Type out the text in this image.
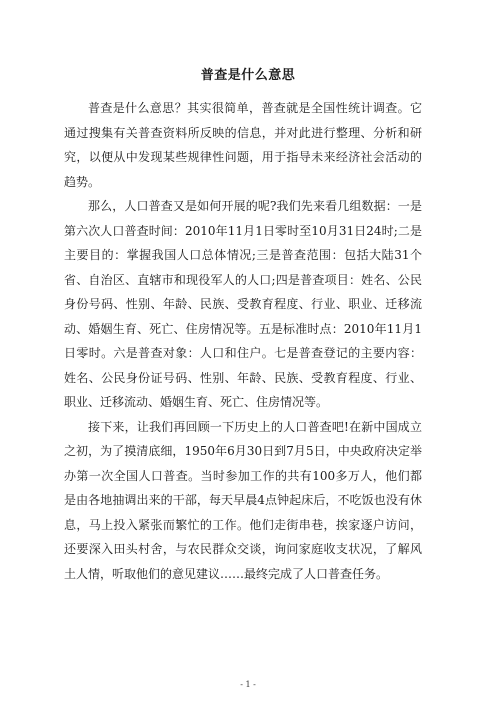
普查是什么意思

普查是什么意思？其实很简单，普查就是全国性统计调查。它通过搜集有关普查资料所反映的信息，并对此进行整理、分析和研究，以便从中发现某些规律性问题，用于指导未来经济社会活动的趋势。

那么，人口普查又是如何开展的呢?我们先来看几组数据：一是第六次人口普查时间：2010年11月1日零时至10月31日24时;二是主要目的：掌握我国人口总体情况;三是普查范围：包括大陆31个省、自治区、直辖市和现役军人的人口;四是普查项目：姓名、公民身份号码、性别、年龄、民族、受教育程度、行业、职业、迁移流动、婚姻生育、死亡、住房情况等。五是标准时点：2010年11月1日零时。六是普查对象：人口和住户。七是普查登记的主要内容：姓名、公民身份证号码、性别、年龄、民族、受教育程度、行业、职业、迁移流动、婚姻生育、死亡、住房情况等。

接下来，让我们再回顾一下历史上的人口普查吧!在新中国成立之初，为了摸清底细，1950年6月30日到7月5日，中央政府决定举办第一次全国人口普查。当时参加工作的共有100多万人，他们都是由各地抽调出来的干部，每天早晨4点钟起床后，不吃饭也没有休息，马上投入紧张而繁忙的工作。他们走街串巷，挨家逐户访问，还要深入田头村舍，与农民群众交谈，询问家庭收支状况，了解风土人情，听取他们的意见建议……最终完成了人口普查任务。

- 1 -
